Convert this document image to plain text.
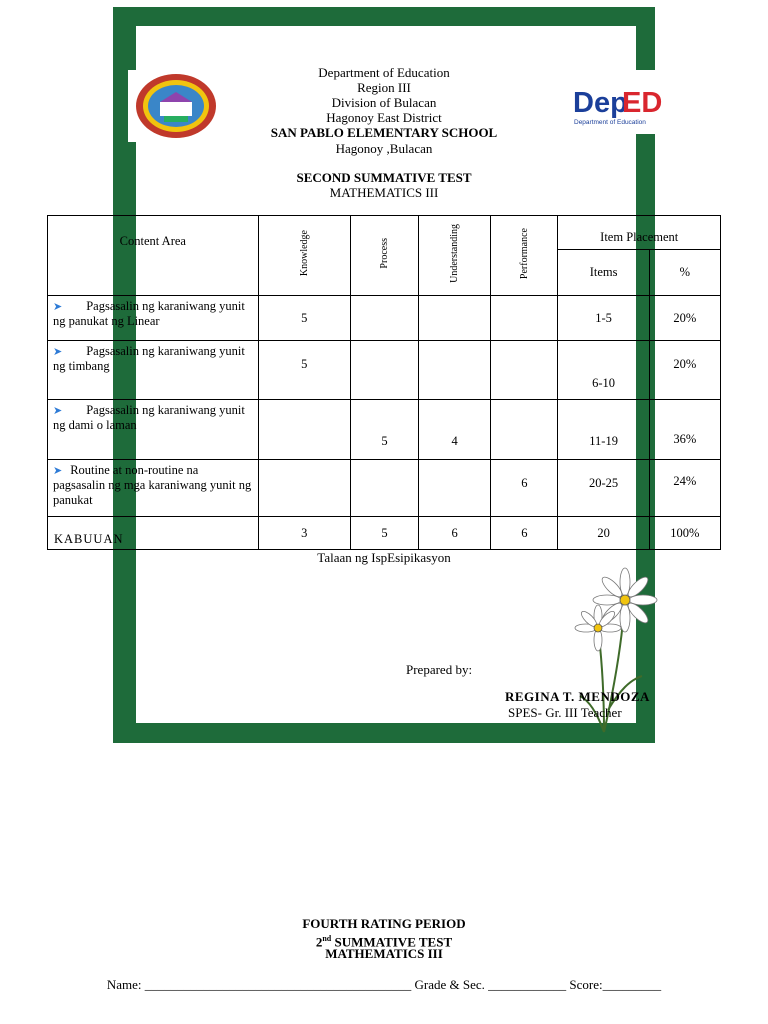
Dep
ED
Department of Education
Department of Education
Region III
Division of Bulacan
Hagonoy East District
SAN PABLO ELEMENTARY SCHOOL
Hagonoy ,Bulacan
SECOND SUMMATIVE TEST
MATHEMATICS III
Content Area	Knowledge	Process	Understanding	Performance	Item Placement	
					Items	%
➤ Pagsasalin ng karaniwang yunit ng panukat ng Linear	5				1-5	20%
➤ Pagsasalin ng karaniwang yunit ng timbang	5				6-10	20%
➤ Pagsasalin ng karaniwang yunit ng dami o laman		5	4		11-19	36%
➤ Routine at non-routine na pagsasalin ng mga karaniwang yunit ng panukat				6	20-25	24%
KABUUAN	3	5	6	6	20	100%
Talaan ng IspEsipikasyon
Prepared by:
REGINA T. MENDOZA
SPES- Gr. III Teacher
FOURTH RATING PERIOD
2nd SUMMATIVE TEST
MATHEMATICS III
Name: _________________________________________ Grade & Sec. ____________ Score:_________
